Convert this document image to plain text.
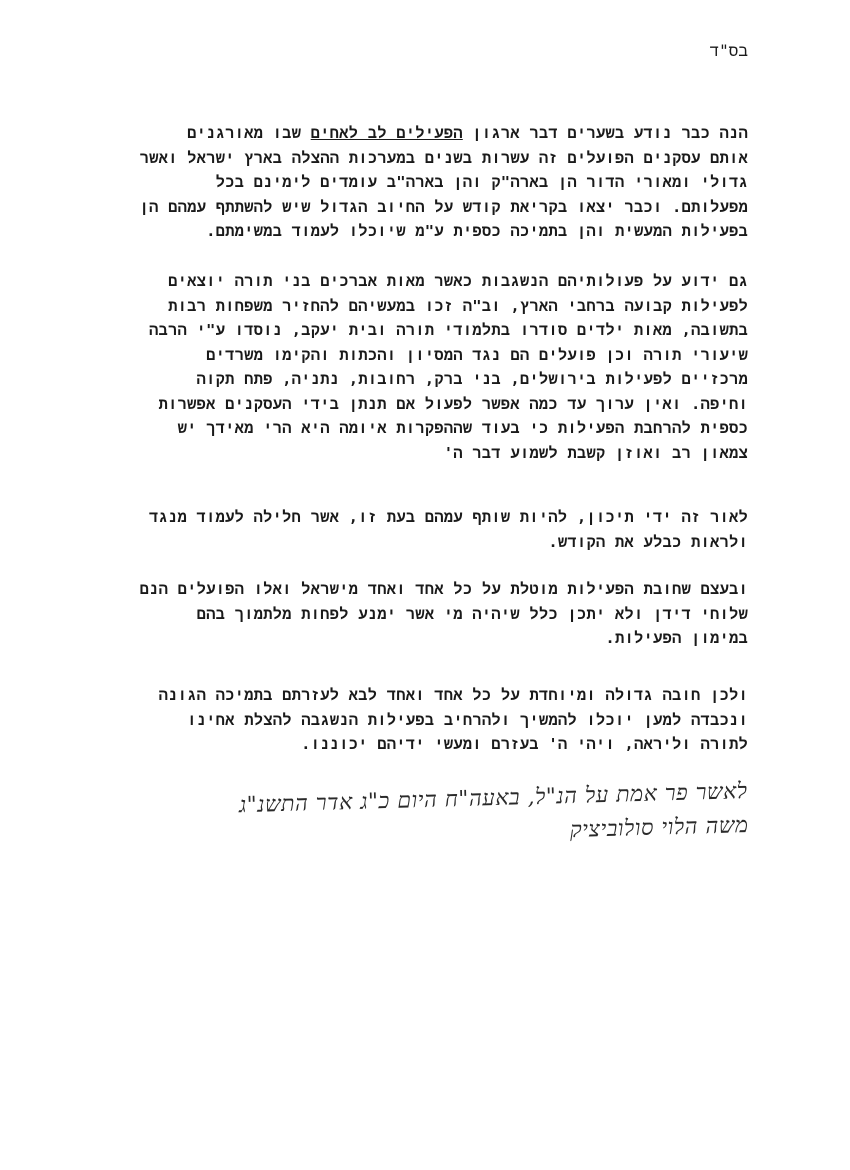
בס"ד
הנה כבר נודע בשערים דבר ארגון הפעילים לב לאחים שבו מאורגנים
אותם עסקנים הפועלים זה עשרות בשנים במערכות ההצלה בארץ ישראל ואשר
גדולי ומאורי הדור הן בארה"ק והן בארה"ב עומדים לימינם בכל
מפעלותם. וכבר יצאו בקריאת קודש על החיוב הגדול שיש להשתתף עמהם הן
בפעילות המעשית והן בתמיכה כספית ע"מ שיוכלו לעמוד במשימתם.
גם ידוע על פעולותיהם הנשגבות כאשר מאות אברכים בני תורה יוצאים
לפעילות קבועה ברחבי הארץ, וב"ה זכו במעשיהם להחזיר משפחות רבות
בתשובה, מאות ילדים סודרו בתלמודי תורה ובית יעקב, נוסדו ע"י הרבה
שיעורי תורה וכן פועלים הם נגד המסיון והכתות והקימו משרדים
מרכזיים לפעילות בירושלים, בני ברק, רחובות, נתניה, פתח תקוה
וחיפה. ואין ערוך עד כמה אפשר לפעול אם תנתן בידי העסקנים אפשרות
כספית להרחבת הפעילות כי בעוד שההפקרות איומה היא הרי מאידך יש
צמאון רב ואוזן קשבת לשמוע דבר ה'
לאור זה ידי תיכון, להיות שותף עמהם בעת זו, אשר חלילה לעמוד מנגד
ולראות כבלע את הקודש.
ובעצם שחובת הפעילות מוטלת על כל אחד ואחד מישראל ואלו הפועלים הנם
שלוחי דידן ולא יתכן כלל שיהיה מי אשר ימנע לפחות מלתמוך בהם
במימון הפעילות.
ולכן חובה גדולה ומיוחדת על כל אחד ואחד לבא לעזרתם בתמיכה הגונה
ונכבדה למען יוכלו להמשיך ולהרחיב בפעילות הנשגבה להצלת אחינו
לתורה וליראה, ויהי ה' בעזרם ומעשי ידיהם יכוננו.
לאשר פר אמת על הנ"ל, באעה"ח היום כ"ג אדר התשנ"ג
משה הלוי סולוביציק
